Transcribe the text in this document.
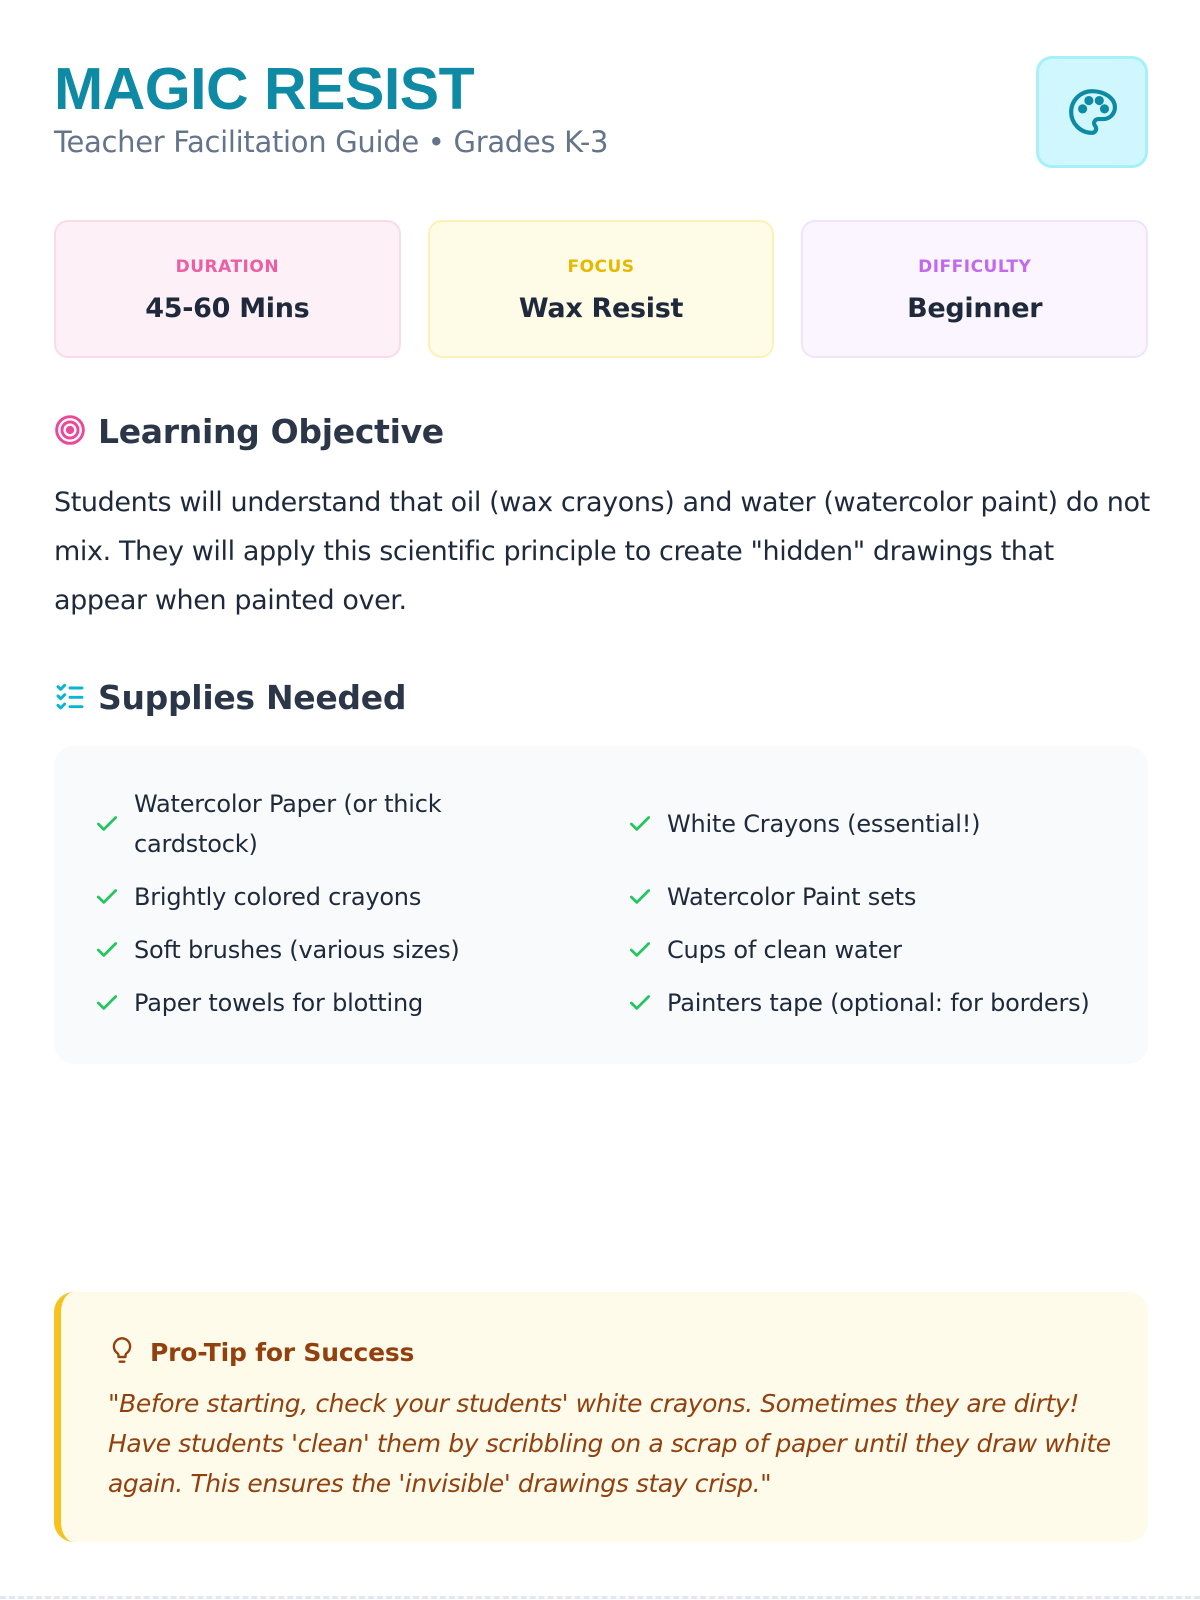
MAGIC RESIST
Teacher Facilitation Guide • Grades K-3
DURATION
45-60 Mins
FOCUS
Wax Resist
DIFFICULTY
Beginner
Learning Objective
Students will understand that oil (wax crayons) and water (watercolor paint) do not mix. They will apply this scientific principle to create "hidden" drawings that appear when painted over.
Supplies Needed
Watercolor Paper (or thick cardstock)
White Crayons (essential!)
Brightly colored crayons	Watercolor Paint sets
Soft brushes (various sizes)	Cups of clean water
Paper towels for blotting	Painters tape (optional: for borders)
Pro-Tip for Success
"Before starting, check your students' white crayons. Sometimes they are dirty! Have students 'clean' them by scribbling on a scrap of paper until they draw white again. This ensures the 'invisible' drawings stay crisp."
